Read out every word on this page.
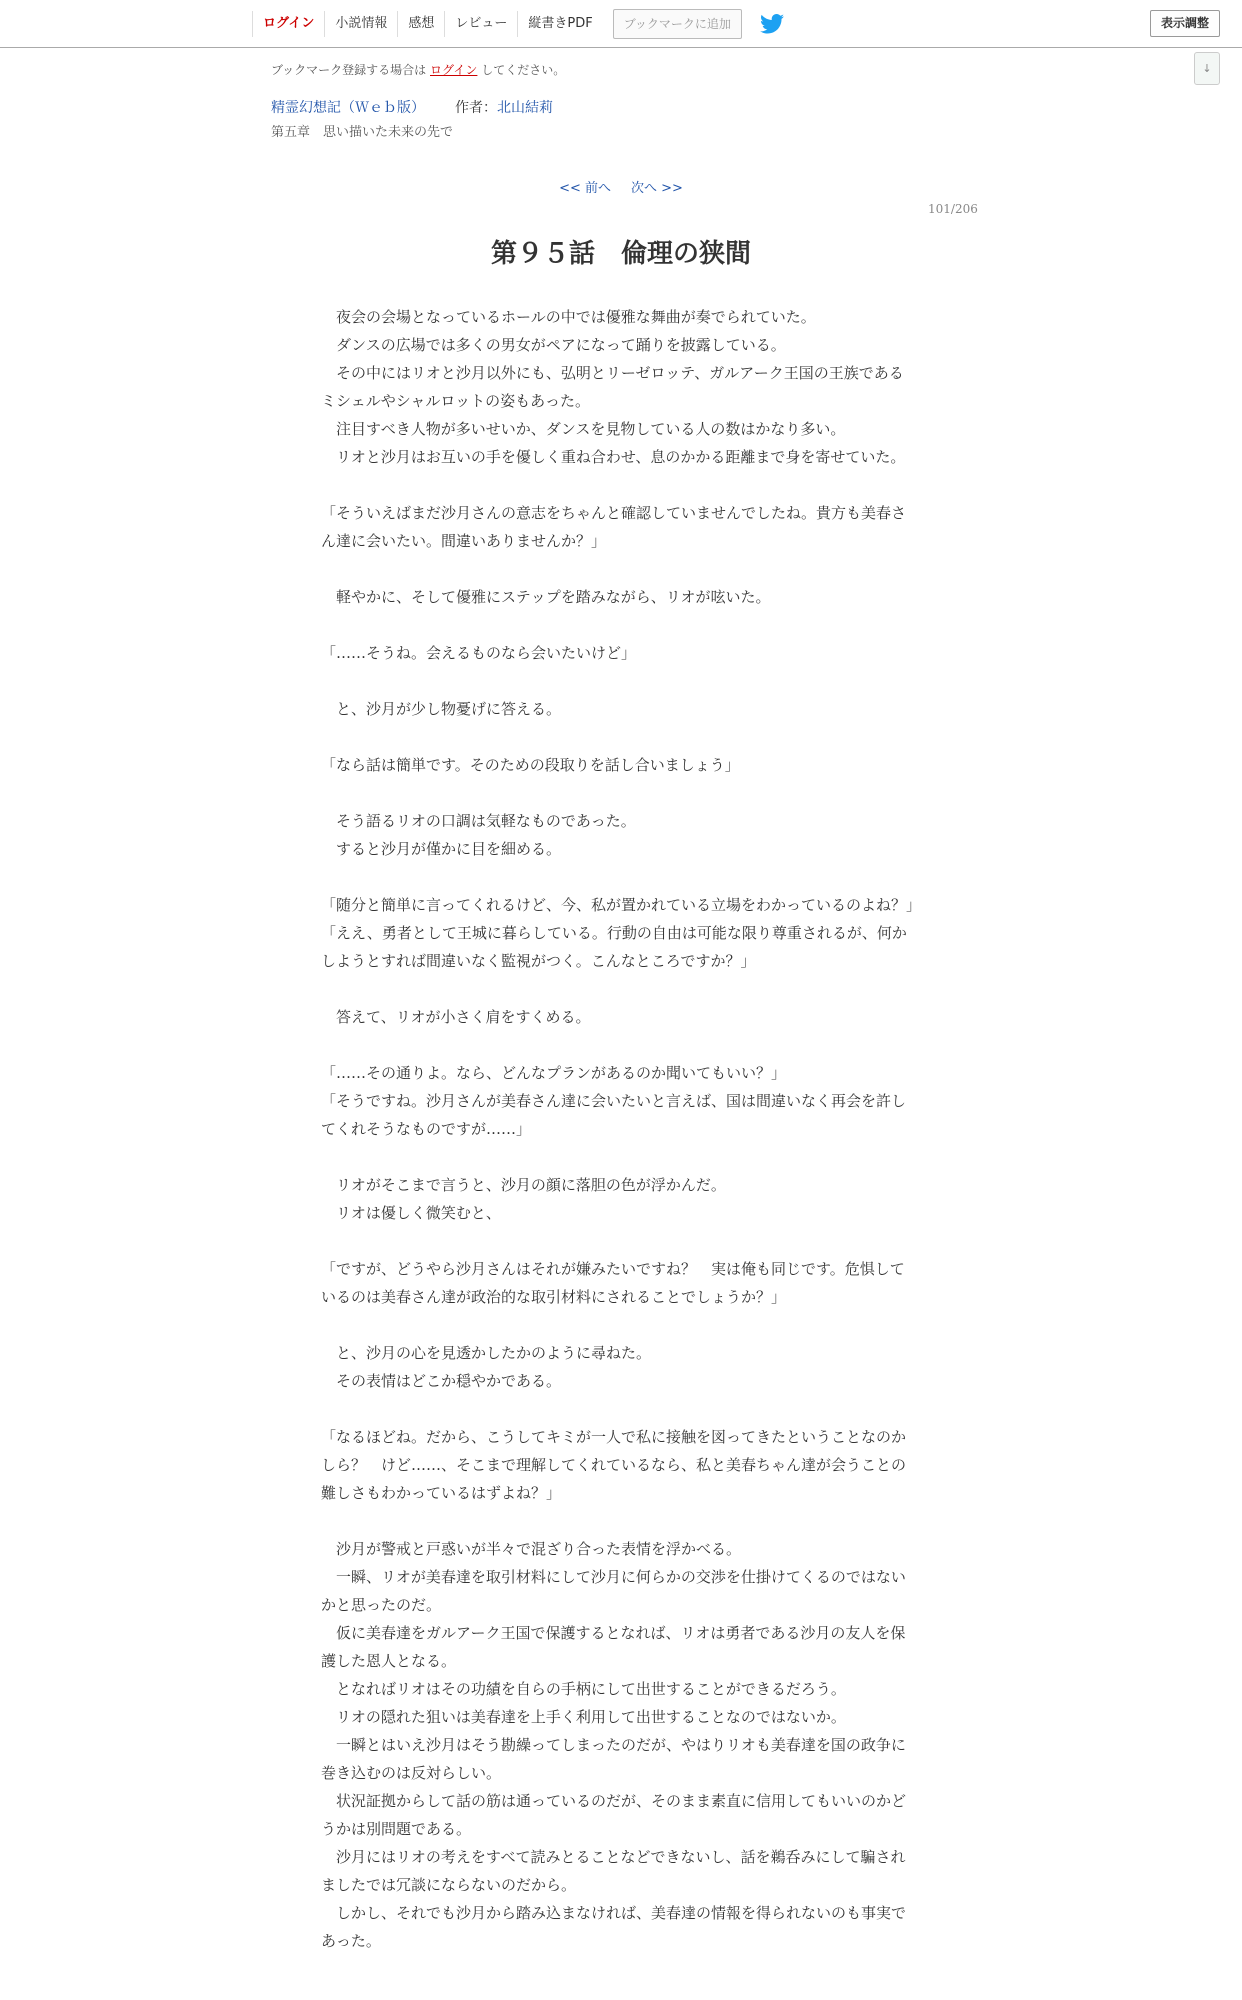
ログイン	小説情報	感想	レビュー	縦書きPDF	ブックマークに追加	表示調整
↓
ブックマーク登録する場合は ログイン してください。
精霊幻想記（Ｗｅｂ版） 作者：北山結莉
第五章　思い描いた未来の先で
<< 前へ 次へ >>
101/206
第９５話　倫理の狭間

　夜会の会場となっているホールの中では優雅な舞曲が奏でられていた。

　ダンスの広場では多くの男女がペアになって踊りを披露している。

　その中にはリオと沙月以外にも、弘明とリーゼロッテ、ガルアーク王国の王族であるミシェルやシャルロットの姿もあった。

　注目すべき人物が多いせいか、ダンスを見物している人の数はかなり多い。

　リオと沙月はお互いの手を優しく重ね合わせ、息のかかる距離まで身を寄せていた。

「そういえばまだ沙月さんの意志をちゃんと確認していませんでしたね。貴方も美春さん達に会いたい。間違いありませんか？」

　軽やかに、そして優雅にステップを踏みながら、リオが呟いた。

「……そうね。会えるものなら会いたいけど」

　と、沙月が少し物憂げに答える。

「なら話は簡単です。そのための段取りを話し合いましょう」

　そう語るリオの口調は気軽なものであった。

　すると沙月が僅かに目を細める。

「随分と簡単に言ってくれるけど、今、私が置かれている立場をわかっているのよね？」

「ええ、勇者として王城に暮らしている。行動の自由は可能な限り尊重されるが、何かしようとすれば間違いなく監視がつく。こんなところですか？」

　答えて、リオが小さく肩をすくめる。

「……その通りよ。なら、どんなプランがあるのか聞いてもいい？」

「そうですね。沙月さんが美春さん達に会いたいと言えば、国は間違いなく再会を許してくれそうなものですが……」

　リオがそこまで言うと、沙月の顔に落胆の色が浮かんだ。

　リオは優しく微笑むと、

「ですが、どうやら沙月さんはそれが嫌みたいですね？　実は俺も同じです。危惧しているのは美春さん達が政治的な取引材料にされることでしょうか？」

　と、沙月の心を見透かしたかのように尋ねた。

　その表情はどこか穏やかである。

「なるほどね。だから、こうしてキミが一人で私に接触を図ってきたということなのかしら？　けど……、そこまで理解してくれているなら、私と美春ちゃん達が会うことの難しさもわかっているはずよね？」

　沙月が警戒と戸惑いが半々で混ざり合った表情を浮かべる。

　一瞬、リオが美春達を取引材料にして沙月に何らかの交渉を仕掛けてくるのではないかと思ったのだ。

　仮に美春達をガルアーク王国で保護するとなれば、リオは勇者である沙月の友人を保護した恩人となる。

　となればリオはその功績を自らの手柄にして出世することができるだろう。

　リオの隠れた狙いは美春達を上手く利用して出世することなのではないか。

　一瞬とはいえ沙月はそう勘繰ってしまったのだが、やはりリオも美春達を国の政争に巻き込むのは反対らしい。

　状況証拠からして話の筋は通っているのだが、そのまま素直に信用してもいいのかどうかは別問題である。

　沙月にはリオの考えをすべて読みとることなどできないし、話を鵜呑みにして騙されましたでは冗談にならないのだから。

　しかし、それでも沙月から踏み込まなければ、美春達の情報を得られないのも事実であった。
